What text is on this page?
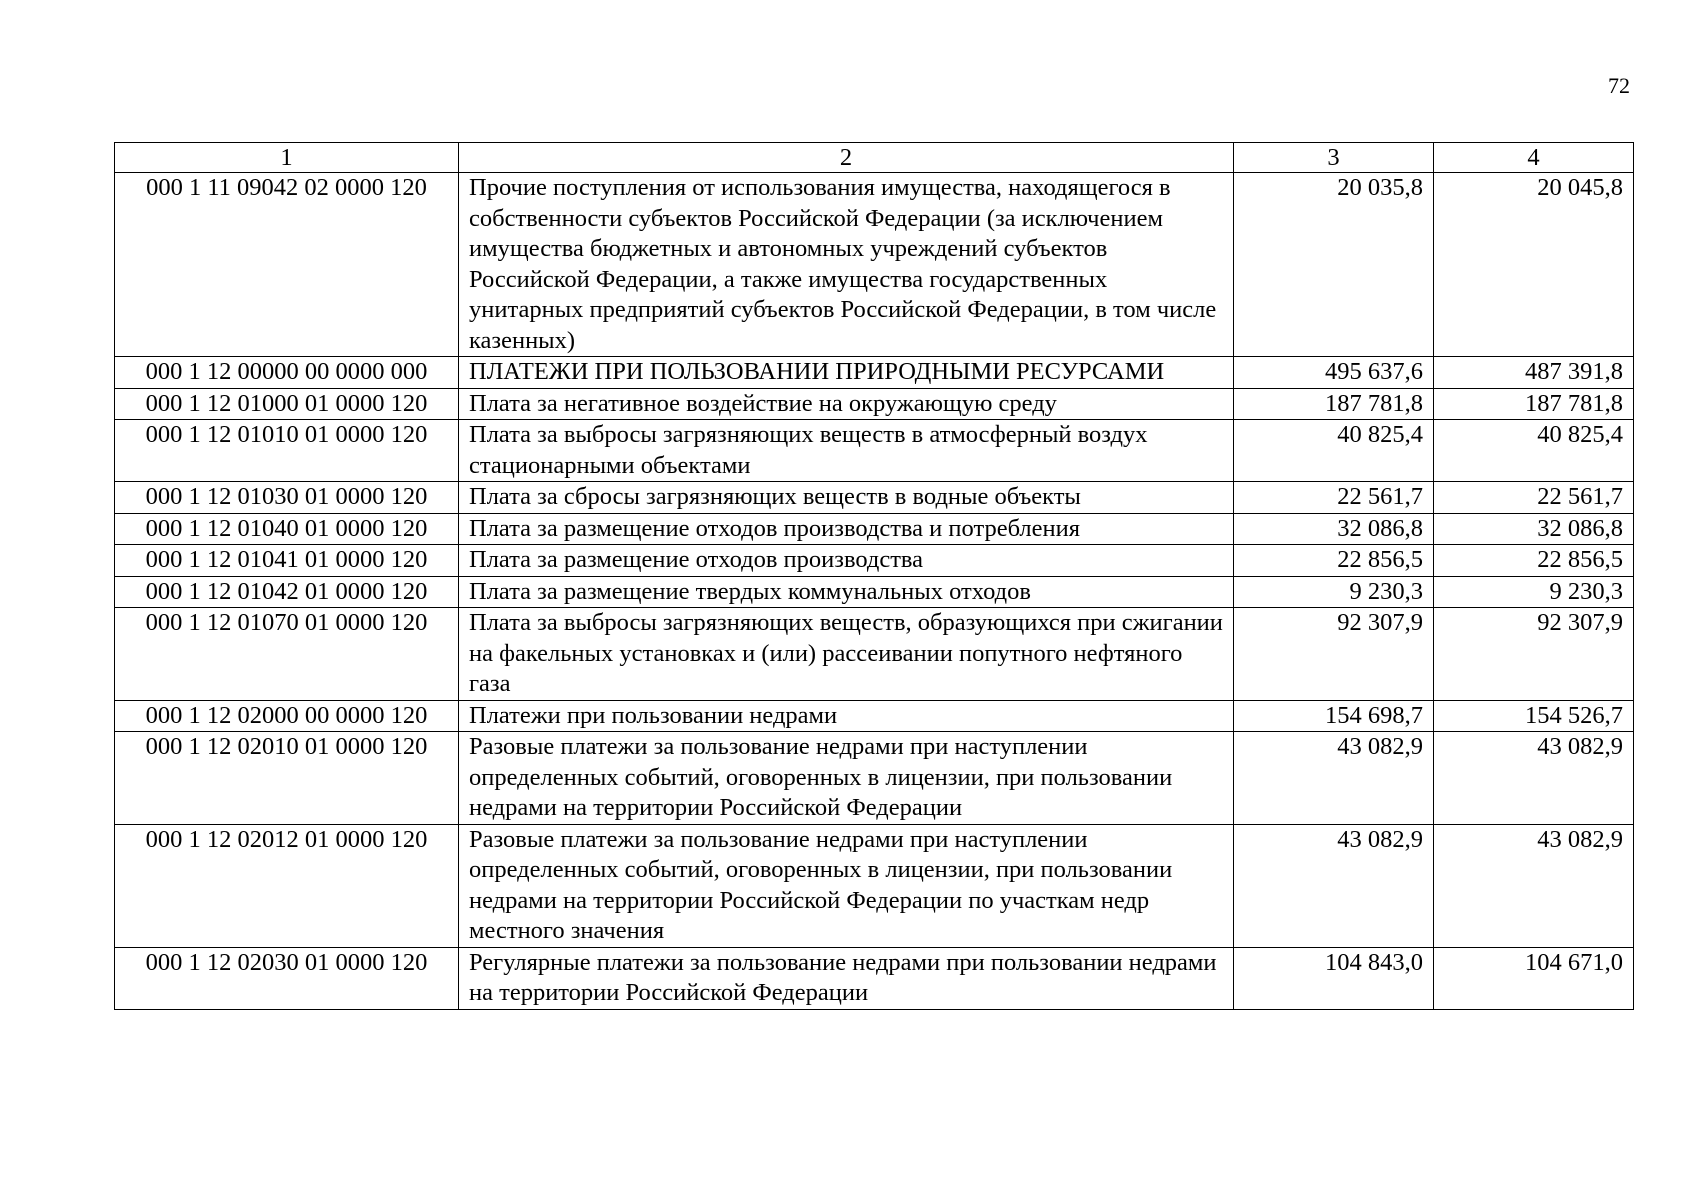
72
1	2	3	4
000 1 11 09042 02 0000 120	Прочие поступления от использования имущества, находящегося в собственности субъектов Российской Федерации (за исключением имущества бюджетных и автономных учреждений субъектов Российской Федерации, а также имущества государственных унитарных предприятий субъектов Российской Федерации, в том числе казенных)	20 035,8	20 045,8
000 1 12 00000 00 0000 000	ПЛАТЕЖИ ПРИ ПОЛЬЗОВАНИИ ПРИРОДНЫМИ РЕСУРСАМИ	495 637,6	487 391,8
000 1 12 01000 01 0000 120	Плата за негативное воздействие на окружающую среду	187 781,8	187 781,8
000 1 12 01010 01 0000 120	Плата за выбросы загрязняющих веществ в атмосферный воздух стационарными объектами	40 825,4	40 825,4
000 1 12 01030 01 0000 120	Плата за сбросы загрязняющих веществ в водные объекты	22 561,7	22 561,7
000 1 12 01040 01 0000 120	Плата за размещение отходов производства и потребления	32 086,8	32 086,8
000 1 12 01041 01 0000 120	Плата за размещение отходов производства	22 856,5	22 856,5
000 1 12 01042 01 0000 120	Плата за размещение твердых коммунальных отходов	9 230,3	9 230,3
000 1 12 01070 01 0000 120	Плата за выбросы загрязняющих веществ, образующихся при сжигании на факельных установках и (или) рассеивании попутного нефтяного газа	92 307,9	92 307,9
000 1 12 02000 00 0000 120	Платежи при пользовании недрами	154 698,7	154 526,7
000 1 12 02010 01 0000 120	Разовые платежи за пользование недрами при наступлении определенных событий, оговоренных в лицензии, при пользовании недрами на территории Российской Федерации	43 082,9	43 082,9
000 1 12 02012 01 0000 120	Разовые платежи за пользование недрами при наступлении определенных событий, оговоренных в лицензии, при пользовании недрами на территории Российской Федерации по участкам недр местного значения	43 082,9	43 082,9
000 1 12 02030 01 0000 120	Регулярные платежи за пользование недрами при пользовании недрами на территории Российской Федерации	104 843,0	104 671,0
